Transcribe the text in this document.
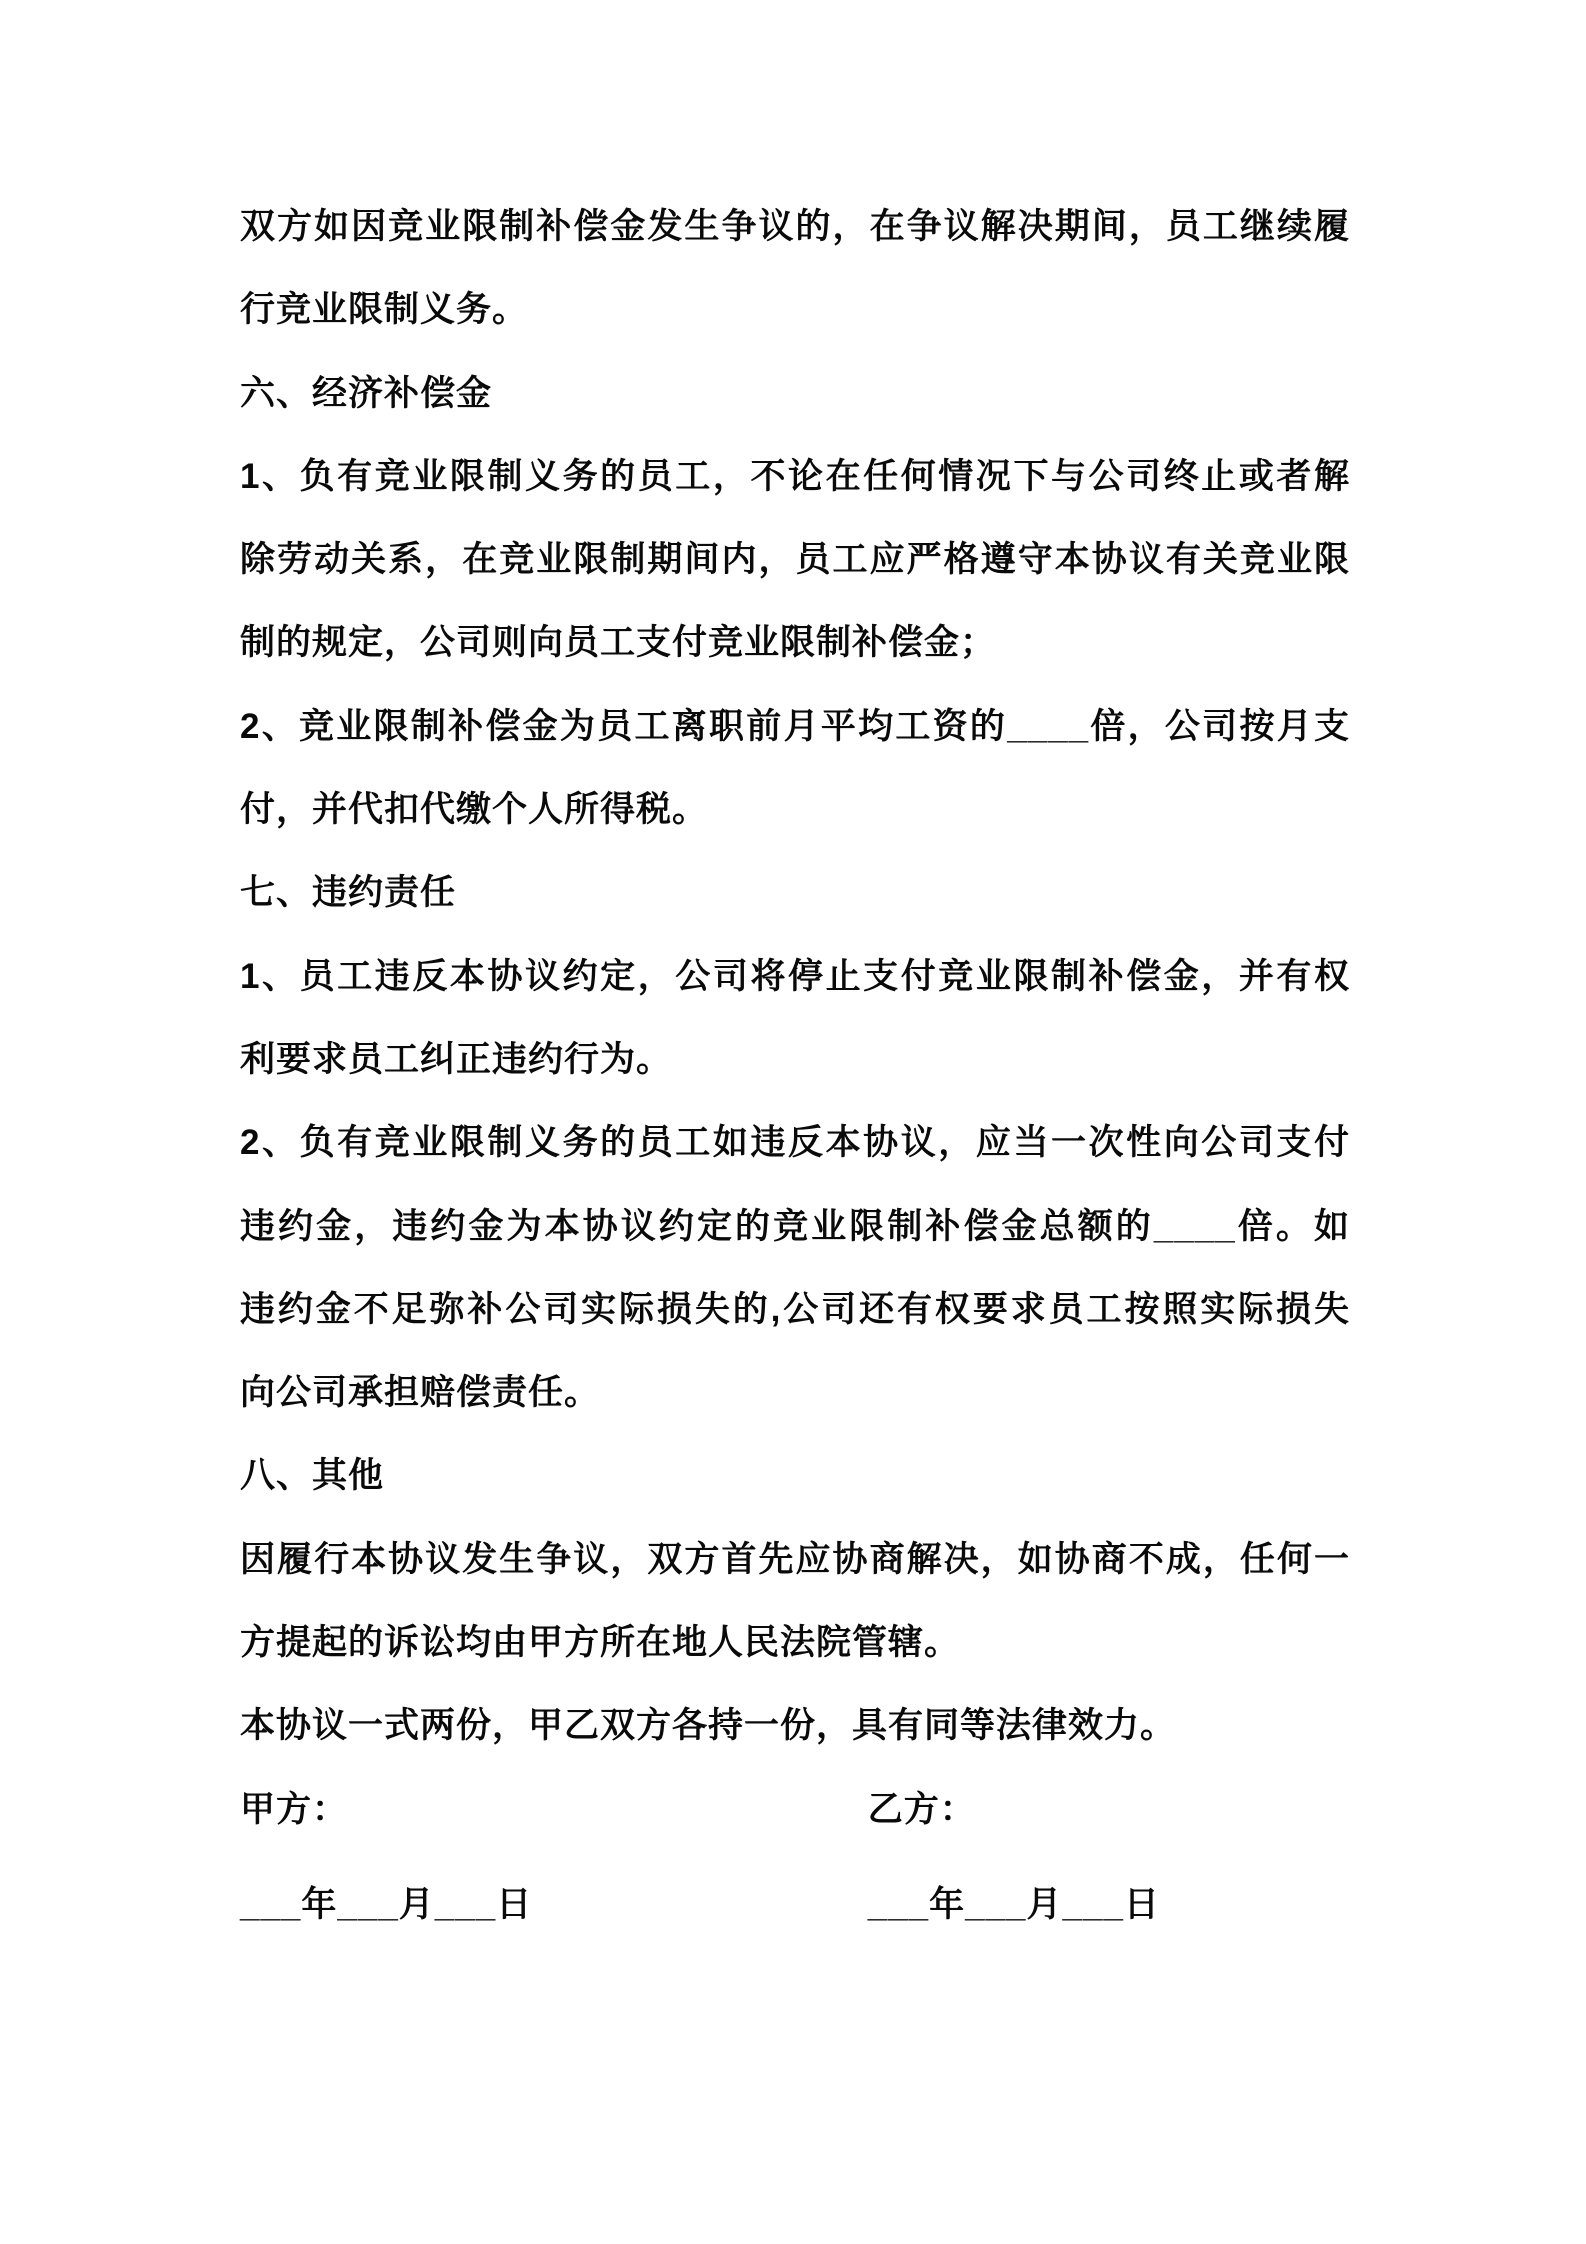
双方如因竞业限制补偿金发生争议的，在争议解决期间，员工继续履
行竞业限制义务。
六、经济补偿金
1、负有竞业限制义务的员工，不论在任何情况下与公司终止或者解
除劳动关系，在竞业限制期间内，员工应严格遵守本协议有关竞业限
制的规定，公司则向员工支付竞业限制补偿金；
2、竞业限制补偿金为员工离职前月平均工资的____倍，公司按月支
付，并代扣代缴个人所得税。
七、违约责任
1、员工违反本协议约定，公司将停止支付竞业限制补偿金，并有权
利要求员工纠正违约行为。
2、负有竞业限制义务的员工如违反本协议，应当一次性向公司支付
违约金，违约金为本协议约定的竞业限制补偿金总额的____倍。如
违约金不足弥补公司实际损失的,公司还有权要求员工按照实际损失
向公司承担赔偿责任。
八、其他
因履行本协议发生争议，双方首先应协商解决，如协商不成，任何一
方提起的诉讼均由甲方所在地人民法院管辖。
本协议一式两份，甲乙双方各持一份，具有同等法律效力。
甲方：	乙方：
___年___月___日	___年___月___日
